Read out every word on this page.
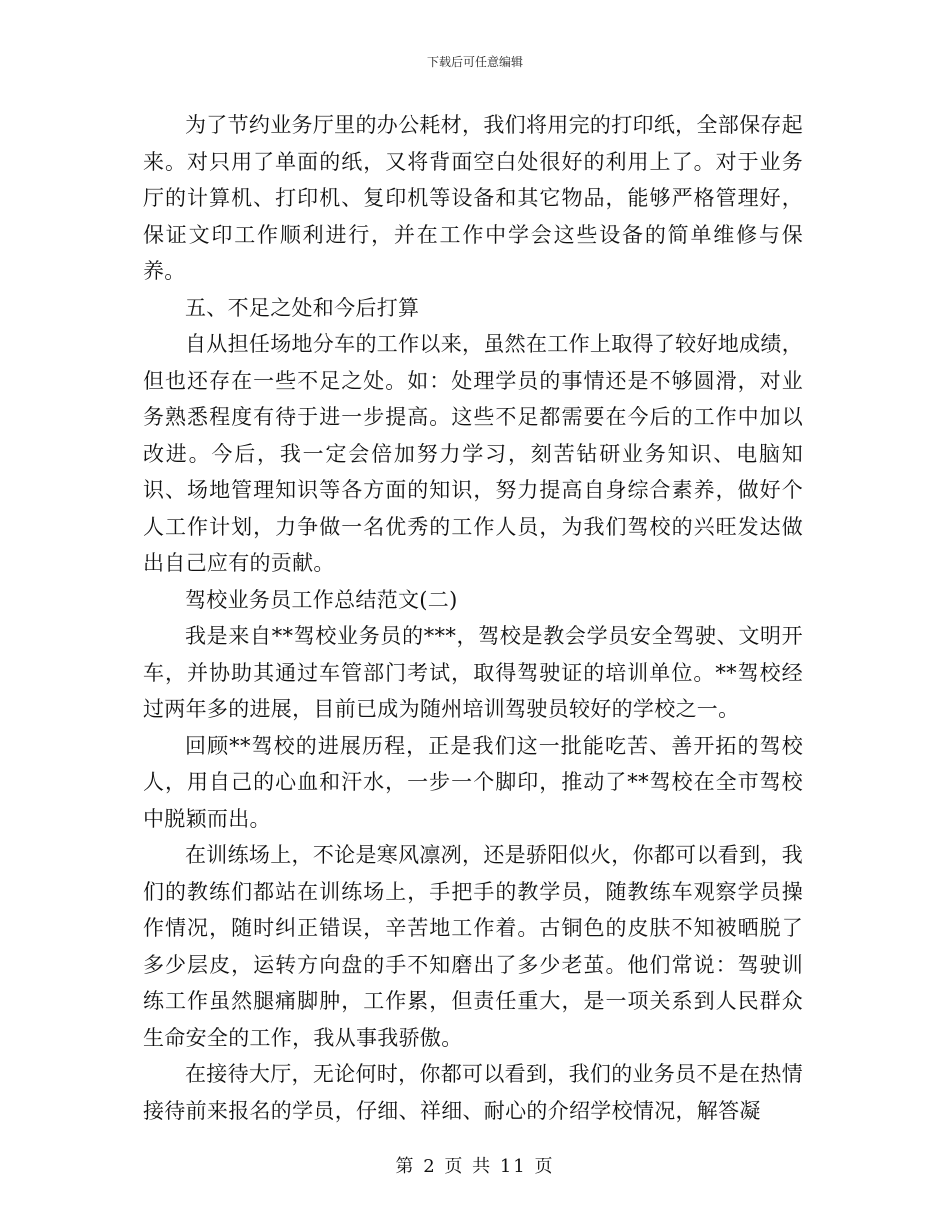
下载后可任意编辑

为了节约业务厅里的办公耗材，我们将用完的打印纸，全部保存起来。对只用了单面的纸，又将背面空白处很好的利用上了。对于业务厅的计算机、打印机、复印机等设备和其它物品，能够严格管理好，保证文印工作顺利进行，并在工作中学会这些设备的简单维修与保养。

五、不足之处和今后打算

自从担任场地分车的工作以来，虽然在工作上取得了较好地成绩，但也还存在一些不足之处。如：处理学员的事情还是不够圆滑，对业务熟悉程度有待于进一步提高。这些不足都需要在今后的工作中加以改进。今后，我一定会倍加努力学习，刻苦钻研业务知识、电脑知识、场地管理知识等各方面的知识，努力提高自身综合素养，做好个人工作计划，力争做一名优秀的工作人员，为我们驾校的兴旺发达做出自己应有的贡献。

驾校业务员工作总结范文(二)

我是来自**驾校业务员的***，驾校是教会学员安全驾驶、文明开车，并协助其通过车管部门考试，取得驾驶证的培训单位。**驾校经过两年多的进展，目前已成为随州培训驾驶员较好的学校之一。

回顾**驾校的进展历程，正是我们这一批能吃苦、善开拓的驾校人，用自己的心血和汗水，一步一个脚印，推动了**驾校在全市驾校中脱颖而出。

在训练场上，不论是寒风凛冽，还是骄阳似火，你都可以看到，我们的教练们都站在训练场上，手把手的教学员，随教练车观察学员操作情况，随时纠正错误，辛苦地工作着。古铜色的皮肤不知被晒脱了多少层皮，运转方向盘的手不知磨出了多少老茧。他们常说：驾驶训练工作虽然腿痛脚肿，工作累，但责任重大，是一项关系到人民群众生命安全的工作，我从事我骄傲。

在接待大厅，无论何时，你都可以看到，我们的业务员不是在热情接待前来报名的学员，仔细、祥细、耐心的介绍学校情况，解答凝

第 2 页 共 11 页
